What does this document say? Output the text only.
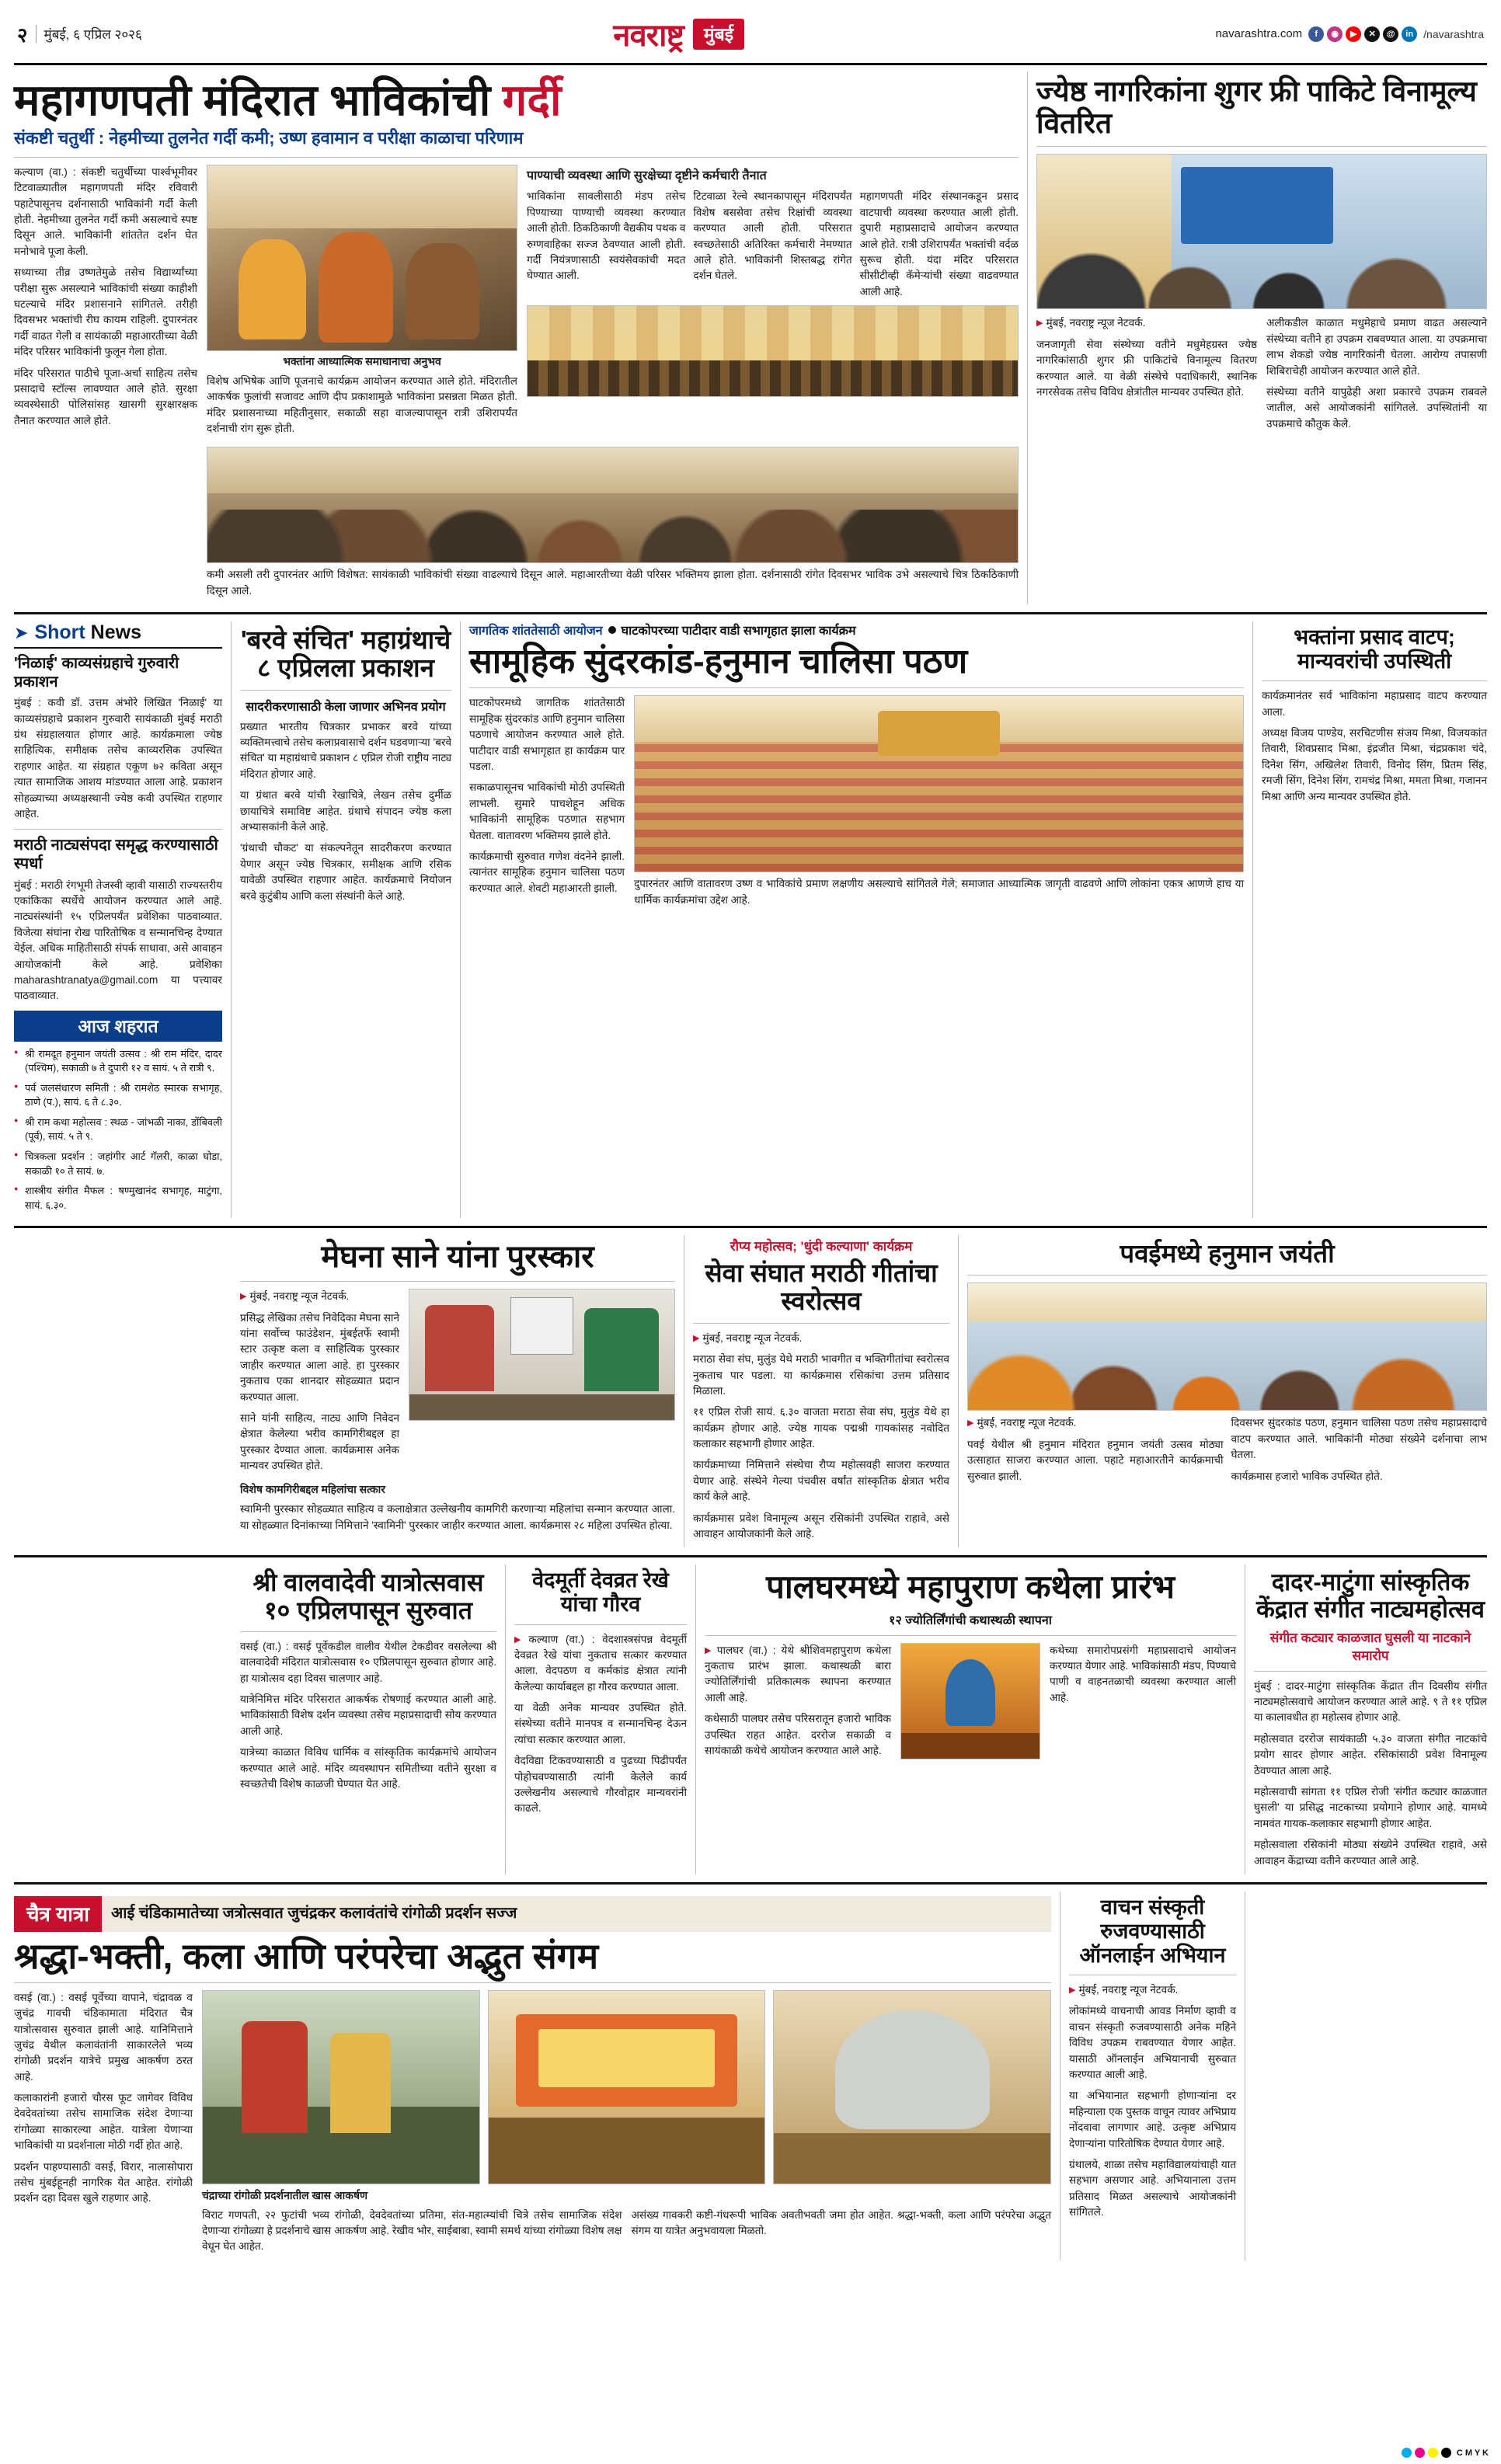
२	मुंबई, ६ एप्रिल २०२६	नवराष्ट्र	मुंबई	navarashtra.com	f	◉	▶	✕	@	in /navarashtra
महागणपती मंदिरात भाविकांची गर्दी
संकष्टी चतुर्थी : नेहमीच्या तुलनेत गर्दी कमी; उष्ण हवामान व परीक्षा काळाचा परिणाम

कल्याण (वा.) : संकष्टी चतुर्थीच्या पार्श्वभूमीवर टिटवाळ्यातील महागणपती मंदिर रविवारी पहाटेपासूनच दर्शनासाठी भाविकांनी गर्दी केली होती. नेहमीच्या तुलनेत गर्दी कमी असल्याचे स्पष्ट दिसून आले. भाविकांनी शांततेत दर्शन घेत मनोभावे पूजा केली.

सध्याच्या तीव्र उष्णतेमुळे तसेच विद्यार्थ्यांच्या परीक्षा सुरू असल्याने भाविकांची संख्या काहीशी घटल्याचे मंदिर प्रशासनाने सांगितले. तरीही दिवसभर भक्तांची रीघ कायम राहिली. दुपारनंतर गर्दी वाढत गेली व सायंकाळी महाआरतीच्या वेळी मंदिर परिसर भाविकांनी फुलून गेला होता.

मंदिर परिसरात पाठीचे पूजा-अर्चा साहित्य तसेच प्रसादाचे स्टॉल्स लावण्यात आले होते. सुरक्षा व्यवस्थेसाठी पोलिसांसह खासगी सुरक्षारक्षक तैनात करण्यात आले होते.

भक्तांना आध्यात्मिक समाधानाचा अनुभव

विशेष अभिषेक आणि पूजनाचे कार्यक्रम आयोजन करण्यात आले होते. मंदिरातील आकर्षक फुलांची सजावट आणि दीप प्रकाशामुळे भाविकांना प्रसन्नता मिळत होती. मंदिर प्रशासनाच्या महितीनुसार, सकाळी सहा वाजल्यापासून रात्री उशिरापर्यंत दर्शनाची रांग सुरू होती.

पाण्याची व्यवस्था आणि सुरक्षेच्या दृष्टीने कर्मचारी तैनात

भाविकांना सावलीसाठी मंडप तसेच पिण्याच्या पाण्याची व्यवस्था करण्यात आली होती. ठिकठिकाणी वैद्यकीय पथक व रुग्णवाहिका सज्ज ठेवण्यात आली होती. गर्दी नियंत्रणासाठी स्वयंसेवकांची मदत घेण्यात आली.

टिटवाळा रेल्वे स्थानकापासून मंदिरापर्यंत विशेष बससेवा तसेच रिक्षांची व्यवस्था करण्यात आली होती. परिसरात स्वच्छतेसाठी अतिरिक्त कर्मचारी नेमण्यात आले होते. भाविकांनी शिस्तबद्ध रांगेत दर्शन घेतले.

महागणपती मंदिर संस्थानकडून प्रसाद वाटपाची व्यवस्था करण्यात आली होती. दुपारी महाप्रसादाचे आयोजन करण्यात आले होते. रात्री उशिरापर्यंत भक्तांची वर्दळ सुरूच होती. यंदा मंदिर परिसरात सीसीटीव्ही कॅमेऱ्यांची संख्या वाढवण्यात आली आहे.

कमी असली तरी दुपारनंतर आणि विशेषत: सायंकाळी भाविकांची संख्या वाढल्याचे दिसून आले. महाआरतीच्या वेळी परिसर भक्तिमय झाला होता. दर्शनासाठी रांगेत दिवसभर भाविक उभे असल्याचे चित्र ठिकठिकाणी दिसून आले.

ज्येष्ठ नागरिकांना शुगर फ्री पाकिटे विनामूल्य वितरित

▶ मुंबई, नवराष्ट्र न्यूज नेटवर्क.

जनजागृती सेवा संस्थेच्या वतीने मधुमेहग्रस्त ज्येष्ठ नागरिकांसाठी शुगर फ्री पाकिटांचे विनामूल्य वितरण करण्यात आले. या वेळी संस्थेचे पदाधिकारी, स्थानिक नगरसेवक तसेच विविध क्षेत्रांतील मान्यवर उपस्थित होते.

अलीकडील काळात मधुमेहाचे प्रमाण वाढत असल्याने संस्थेच्या वतीने हा उपक्रम राबवण्यात आला. या उपक्रमाचा लाभ शेकडो ज्येष्ठ नागरिकांनी घेतला. आरोग्य तपासणी शिबिराचेही आयोजन करण्यात आले होते.

संस्थेच्या वतीने यापुढेही अशा प्रकारचे उपक्रम राबवले जातील, असे आयोजकांनी सांगितले. उपस्थितांनी या उपक्रमाचे कौतुक केले.

➤ Short News
'निळाई' काव्यसंग्रहाचे गुरुवारी प्रकाशन

मुंबई : कवी डॉ. उत्तम अंभोरे लिखित 'निळाई' या काव्यसंग्रहाचे प्रकाशन गुरुवारी सायंकाळी मुंबई मराठी ग्रंथ संग्रहालयात होणार आहे. कार्यक्रमाला ज्येष्ठ साहित्यिक, समीक्षक तसेच काव्यरसिक उपस्थित राहणार आहेत. या संग्रहात एकूण ७२ कविता असून त्यात सामाजिक आशय मांडण्यात आला आहे. प्रकाशन सोहळ्याच्या अध्यक्षस्थानी ज्येष्ठ कवी उपस्थित राहणार आहेत.

मराठी नाट्यसंपदा समृद्ध करण्यासाठी स्पर्धा

मुंबई : मराठी रंगभूमी तेजस्वी व्हावी यासाठी राज्यस्तरीय एकांकिका स्पर्धेचे आयोजन करण्यात आले आहे. नाट्यसंस्थांनी १५ एप्रिलपर्यंत प्रवेशिका पाठवाव्यात. विजेत्या संघांना रोख पारितोषिक व सन्मानचिन्ह देण्यात येईल. अधिक माहितीसाठी संपर्क साधावा, असे आवाहन आयोजकांनी केले आहे. प्रवेशिका maharashtranatya@gmail.com या पत्त्यावर पाठवाव्यात.

आज शहरात
● श्री रामदूत हनुमान जयंती उत्सव : श्री राम मंदिर, दादर (पश्चिम), सकाळी ७ ते दुपारी १२ व सायं. ५ ते रात्री ९.
● पर्व जलसंधारण समिती : श्री रामशेठ स्मारक सभागृह, ठाणे (प.), सायं. ६ ते ८.३०.
● श्री राम कथा महोत्सव : स्थळ - जांभळी नाका, डोंबिवली (पूर्व), सायं. ५ ते ९.
● चित्रकला प्रदर्शन : जहांगीर आर्ट गॅलरी, काळा घोडा, सकाळी १० ते सायं. ७.
● शास्त्रीय संगीत मैफल : षण्मुखानंद सभागृह, माटुंगा, सायं. ६.३०.
'बरवे संचित' महाग्रंथाचे ८ एप्रिलला प्रकाशन
सादरीकरणासाठी केला जाणार अभिनव प्रयोग

प्रख्यात भारतीय चित्रकार प्रभाकर बरवे यांच्या व्यक्तिमत्त्वाचे तसेच कलाप्रवासाचे दर्शन घडवणाऱ्या 'बरवे संचित' या महाग्रंथाचे प्रकाशन ८ एप्रिल रोजी राष्ट्रीय नाट्य मंदिरात होणार आहे.

या ग्रंथात बरवे यांची रेखाचित्रे, लेखन तसेच दुर्मीळ छायाचित्रे समाविष्ट आहेत. ग्रंथाचे संपादन ज्येष्ठ कला अभ्यासकांनी केले आहे.

'ग्रंथाची चौकट' या संकल्पनेतून सादरीकरण करण्यात येणार असून ज्येष्ठ चित्रकार, समीक्षक आणि रसिक यावेळी उपस्थित राहणार आहेत. कार्यक्रमाचे नियोजन बरवे कुटुंबीय आणि कला संस्थांनी केले आहे.

जागतिक शांततेसाठी आयोजन घाटकोपरच्या पाटीदार वाडी सभागृहात झाला कार्यक्रम
सामूहिक सुंदरकांड-हनुमान चालिसा पठण

घाटकोपरमध्ये जागतिक शांततेसाठी सामूहिक सुंदरकांड आणि हनुमान चालिसा पठणाचे आयोजन करण्यात आले होते. पाटीदार वाडी सभागृहात हा कार्यक्रम पार पडला.

सकाळपासूनच भाविकांची मोठी उपस्थिती लाभली. सुमारे पाचशेहून अधिक भाविकांनी सामूहिक पठणात सहभाग घेतला. वातावरण भक्तिमय झाले होते.

कार्यक्रमाची सुरुवात गणेश वंदनेने झाली. त्यानंतर सामूहिक हनुमान चालिसा पठण करण्यात आले. शेवटी महाआरती झाली.	दुपारनंतर आणि वातावरण उष्ण व भाविकांचे प्रमाण लक्षणीय असल्याचे सांगितले गेले; समाजात आध्यात्मिक जागृती वाढवणे आणि लोकांना एकत्र आणणे हाच या धार्मिक कार्यक्रमांचा उद्देश आहे.

भक्तांना प्रसाद वाटप; मान्यवरांची उपस्थिती

कार्यक्रमानंतर सर्व भाविकांना महाप्रसाद वाटप करण्यात आला.

अध्यक्ष विजय पाण्डेय, सरचिटणीस संजय मिश्रा, विजयकांत तिवारी, शिवप्रसाद मिश्रा, इंद्रजीत मिश्रा, चंद्रप्रकाश चंदे, दिनेश सिंग, अखिलेश तिवारी, विनोद सिंग, प्रितम सिंह, रमजी सिंग, दिनेश सिंग, रामचंद्र मिश्रा, ममता मिश्रा, गजानन मिश्रा आणि अन्य मान्यवर उपस्थित होते.

मेघना साने यांना पुरस्कार

▶ मुंबई, नवराष्ट्र न्यूज नेटवर्क.

प्रसिद्ध लेखिका तसेच निवेदिका मेघना साने यांना सर्वोच्च फाउंडेशन, मुंबईतर्फे स्वामी स्टार उत्कृष्ट कला व साहित्यिक पुरस्कार जाहीर करण्यात आला आहे. हा पुरस्कार नुकताच एका शानदार सोहळ्यात प्रदान करण्यात आला.

साने यांनी साहित्य, नाट्य आणि निवेदन क्षेत्रात केलेल्या भरीव कामगिरीबद्दल हा पुरस्कार देण्यात आला. कार्यक्रमास अनेक मान्यवर उपस्थित होते.

विशेष कामगिरीबद्दल महिलांचा सत्कार

स्वामिनी पुरस्कार सोहळ्यात साहित्य व कलाक्षेत्रात उल्लेखनीय कामगिरी करणाऱ्या महिलांचा सन्मान करण्यात आला. या सोहळ्यात दिनांकाच्या निमित्ताने 'स्वामिनी' पुरस्कार जाहीर करण्यात आला. कार्यक्रमास २८ महिला उपस्थित होत्या.

रौप्य महोत्सव; 'धुंदी कल्याणा' कार्यक्रम
सेवा संघात मराठी गीतांचा स्वरोत्सव

▶ मुंबई, नवराष्ट्र न्यूज नेटवर्क.

मराठा सेवा संघ, मुलुंड येथे मराठी भावगीत व भक्तिगीतांचा स्वरोत्सव नुकताच पार पडला. या कार्यक्रमास रसिकांचा उत्तम प्रतिसाद मिळाला.

११ एप्रिल रोजी सायं. ६.३० वाजता मराठा सेवा संघ, मुलुंड येथे हा कार्यक्रम होणार आहे. ज्येष्ठ गायक पद्मश्री गायकांसह नवोदित कलाकार सहभागी होणार आहेत.

कार्यक्रमाच्या निमित्ताने संस्थेचा रौप्य महोत्सवही साजरा करण्यात येणार आहे. संस्थेने गेल्या पंचवीस वर्षांत सांस्कृतिक क्षेत्रात भरीव कार्य केले आहे.

कार्यक्रमास प्रवेश विनामूल्य असून रसिकांनी उपस्थित राहावे, असे आवाहन आयोजकांनी केले आहे.

पवईमध्ये हनुमान जयंती

▶ मुंबई, नवराष्ट्र न्यूज नेटवर्क.

पवई येथील श्री हनुमान मंदिरात हनुमान जयंती उत्सव मोठ्या उत्साहात साजरा करण्यात आला. पहाटे महाआरतीने कार्यक्रमाची सुरुवात झाली.

दिवसभर सुंदरकांड पठण, हनुमान चालिसा पठण तसेच महाप्रसादाचे वाटप करण्यात आले. भाविकांनी मोठ्या संख्येने दर्शनाचा लाभ घेतला.

कार्यक्रमास हजारो भाविक उपस्थित होते.

श्री वालवादेवी यात्रोत्सवास १० एप्रिलपासून सुरुवात

वसई (वा.) : वसई पूर्वेकडील वालीव येथील टेकडीवर वसलेल्या श्री वालवादेवी मंदिरात यात्रोत्सवास १० एप्रिलपासून सुरुवात होणार आहे. हा यात्रोत्सव दहा दिवस चालणार आहे.

यात्रेनिमित्त मंदिर परिसरात आकर्षक रोषणाई करण्यात आली आहे. भाविकांसाठी विशेष दर्शन व्यवस्था तसेच महाप्रसादाची सोय करण्यात आली आहे.

यात्रेच्या काळात विविध धार्मिक व सांस्कृतिक कार्यक्रमांचे आयोजन करण्यात आले आहे. मंदिर व्यवस्थापन समितीच्या वतीने सुरक्षा व स्वच्छतेची विशेष काळजी घेण्यात येत आहे.

वेदमूर्ती देवव्रत रेखे यांचा गौरव

▶ कल्याण (वा.) : वेदशास्त्रसंपन्न वेदमूर्ती देवव्रत रेखे यांचा नुकताच सत्कार करण्यात आला. वेदपठण व कर्मकांड क्षेत्रात त्यांनी केलेल्या कार्याबद्दल हा गौरव करण्यात आला.

या वेळी अनेक मान्यवर उपस्थित होते. संस्थेच्या वतीने मानपत्र व सन्मानचिन्ह देऊन त्यांचा सत्कार करण्यात आला.

वेदविद्या टिकवण्यासाठी व पुढच्या पिढीपर्यंत पोहोचवण्यासाठी त्यांनी केलेले कार्य उल्लेखनीय असल्याचे गौरवोद्गार मान्यवरांनी काढले.

पालघरमध्ये महापुराण कथेला प्रारंभ
१२ ज्योतिर्लिंगांची कथास्थळी स्थापना

▶ पालघर (वा.) : येथे श्रीशिवमहापुराण कथेला नुकताच प्रारंभ झाला. कथास्थळी बारा ज्योतिर्लिंगांची प्रतिकात्मक स्थापना करण्यात आली आहे.

कथेसाठी पालघर तसेच परिसरातून हजारो भाविक उपस्थित राहत आहेत. दररोज सकाळी व सायंकाळी कथेचे आयोजन करण्यात आले आहे.

कथेच्या समारोपप्रसंगी महाप्रसादाचे आयोजन करण्यात येणार आहे. भाविकांसाठी मंडप, पिण्याचे पाणी व वाहनतळाची व्यवस्था करण्यात आली आहे.

दादर-माटुंगा सांस्कृतिक केंद्रात संगीत नाट्यमहोत्सव
संगीत कट्यार काळजात घुसली या नाटकाने समारोप

मुंबई : दादर-माटुंगा सांस्कृतिक केंद्रात तीन दिवसीय संगीत नाट्यमहोत्सवाचे आयोजन करण्यात आले आहे. ९ ते ११ एप्रिल या कालावधीत हा महोत्सव होणार आहे.

महोत्सवात दररोज सायंकाळी ५.३० वाजता संगीत नाटकांचे प्रयोग सादर होणार आहेत. रसिकांसाठी प्रवेश विनामूल्य ठेवण्यात आला आहे.

महोत्सवाची सांगता ११ एप्रिल रोजी 'संगीत कट्यार काळजात घुसली' या प्रसिद्ध नाटकाच्या प्रयोगाने होणार आहे. यामध्ये नामवंत गायक-कलाकार सहभागी होणार आहेत.

महोत्सवाला रसिकांनी मोठ्या संख्येने उपस्थित राहावे, असे आवाहन केंद्राच्या वतीने करण्यात आले आहे.

चैत्र यात्रा	आई चंडिकामातेच्या जत्रोत्सवात जुचंद्रकर कलावंतांचे रांगोळी प्रदर्शन सज्ज
श्रद्धा-भक्ती, कला आणि परंपरेचा अद्भुत संगम

वसई (वा.) : वसई पूर्वेच्या वापाने, चंद्रावळ व जुचंद्र गावची चंडिकामाता मंदिरात चैत्र यात्रोत्सवास सुरुवात झाली आहे. यानिमित्ताने जुचंद्र येथील कलावंतांनी साकारलेले भव्य रांगोळी प्रदर्शन यात्रेचे प्रमुख आकर्षण ठरत आहे.

कलाकारांनी हजारो चौरस फूट जागेवर विविध देवदेवतांच्या तसेच सामाजिक संदेश देणाऱ्या रांगोळ्या साकारल्या आहेत. यात्रेला येणाऱ्या भाविकांची या प्रदर्शनाला मोठी गर्दी होत आहे.

प्रदर्शन पाहण्यासाठी वसई, विरार, नालासोपारा तसेच मुंबईहूनही नागरिक येत आहेत. रांगोळी प्रदर्शन दहा दिवस खुले राहणार आहे.	चंद्राच्या रांगोळी प्रदर्शनातील खास आकर्षण

विराट गणपती, २२ फुटांची भव्य रांगोळी, देवदेवतांच्या प्रतिमा, संत-महात्म्यांची चित्रे तसेच सामाजिक संदेश देणाऱ्या रांगोळ्या हे प्रदर्शनाचे खास आकर्षण आहे. रेखीव भोर, साईबाबा, स्वामी समर्थ यांच्या रांगोळ्या विशेष लक्ष वेधून घेत आहेत.

असंख्य गावकरी कष्टी-गंधरूपी भाविक अवतीभवती जमा होत आहेत. श्रद्धा-भक्ती, कला आणि परंपरेचा अद्भुत संगम या यात्रेत अनुभवायला मिळतो.

वाचन संस्कृती रुजवण्यासाठी ऑनलाईन अभियान

▶ मुंबई, नवराष्ट्र न्यूज नेटवर्क.

लोकांमध्ये वाचनाची आवड निर्माण व्हावी व वाचन संस्कृती रुजवण्यासाठी अनेक महिने विविध उपक्रम राबवण्यात येणार आहेत. यासाठी ऑनलाईन अभियानाची सुरुवात करण्यात आली आहे.

या अभियानात सहभागी होणाऱ्यांना दर महिन्याला एक पुस्तक वाचून त्यावर अभिप्राय नोंदवावा लागणार आहे. उत्कृष्ट अभिप्राय देणाऱ्यांना पारितोषिक देण्यात येणार आहे.

ग्रंथालये, शाळा तसेच महाविद्यालयांचाही यात सहभाग असणार आहे. अभियानाला उत्तम प्रतिसाद मिळत असल्याचे आयोजकांनी सांगितले.

C M Y K
